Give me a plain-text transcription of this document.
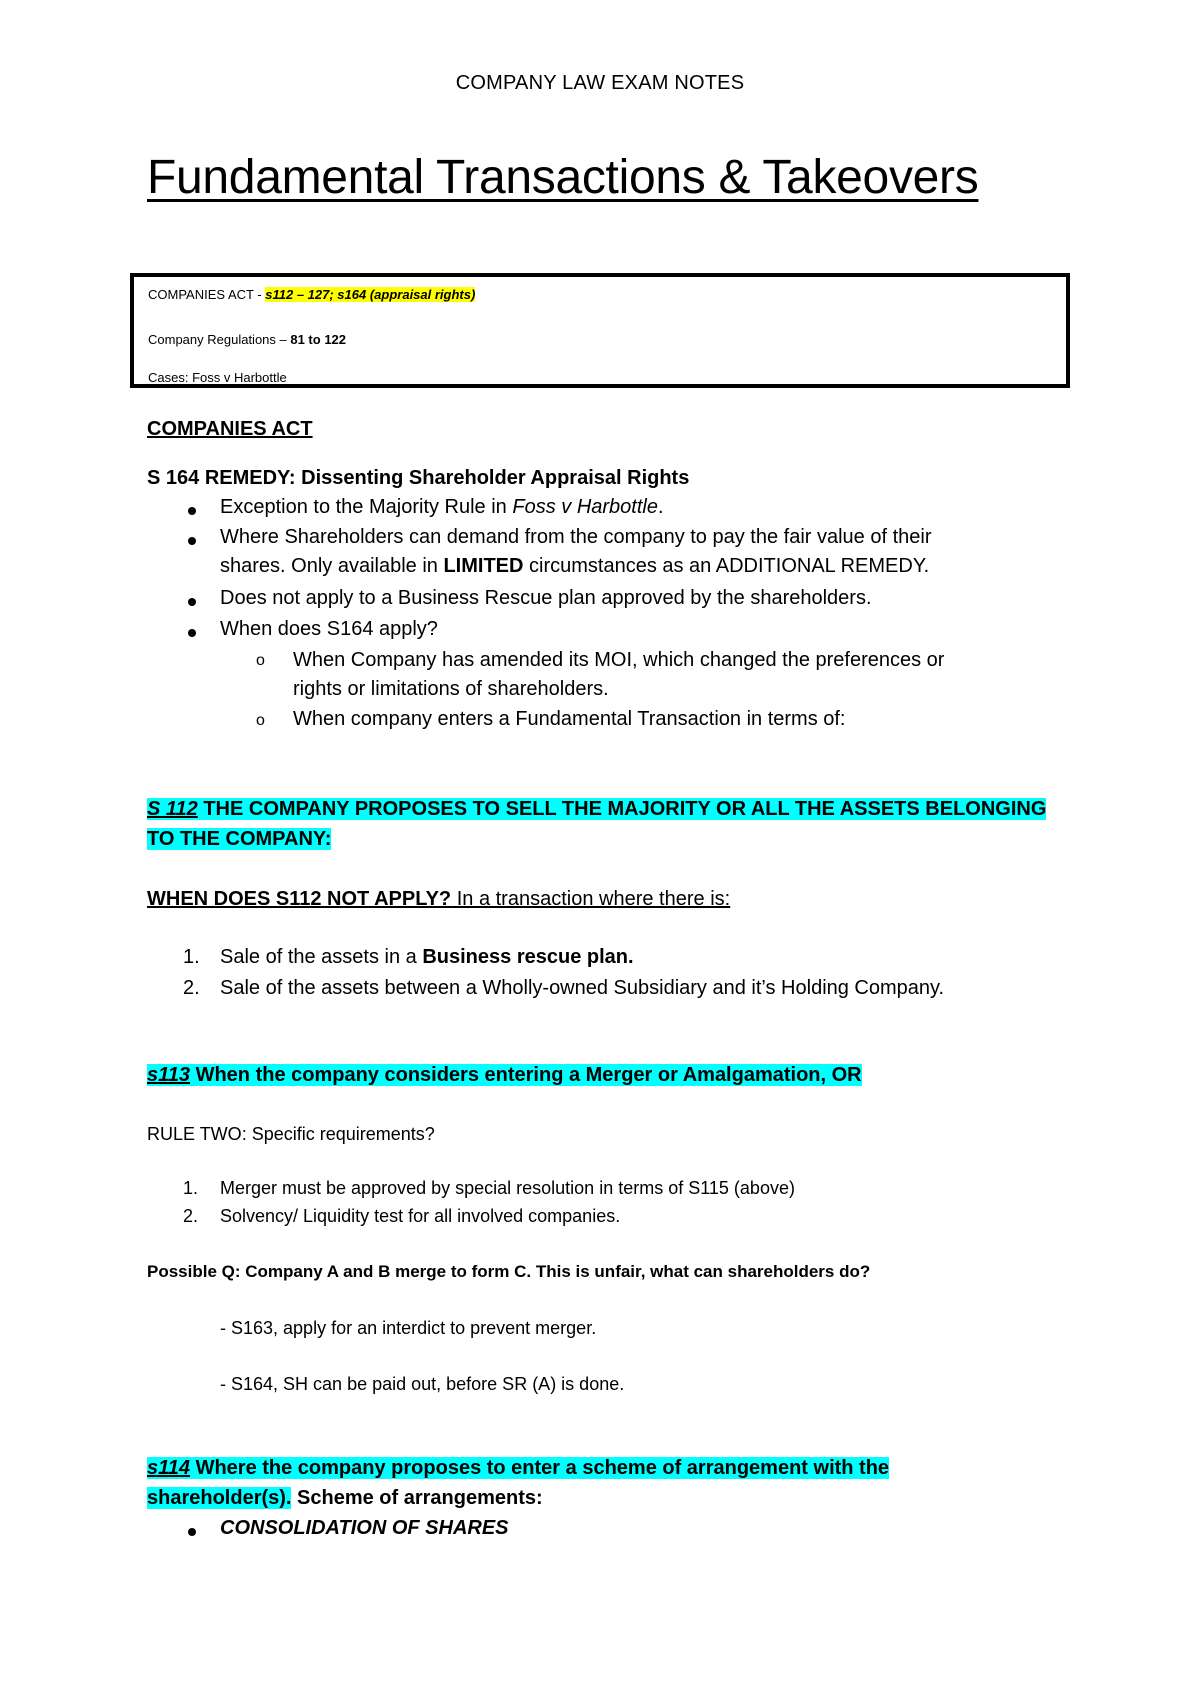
COMPANY LAW EXAM NOTES
Fundamental Transactions & Takeovers
COMPANIES ACT - s112 – 127; s164 (appraisal rights)
Company Regulations – 81 to 122
Cases: Foss v Harbottle
COMPANIES ACT
S 164 REMEDY: Dissenting Shareholder Appraisal Rights
Exception to the Majority Rule in Foss v Harbottle.
Where Shareholders can demand from the company to pay the fair value of their
shares. Only available in LIMITED circumstances as an ADDITIONAL REMEDY.
Does not apply to a Business Rescue plan approved by the shareholders.
When does S164 apply?
o When Company has amended its MOI, which changed the preferences or
rights or limitations of shareholders.
o When company enters a Fundamental Transaction in terms of:
S 112 THE COMPANY PROPOSES TO SELL THE MAJORITY OR ALL THE ASSETS BELONGING
TO THE COMPANY:
WHEN DOES S112 NOT APPLY? In a transaction where there is:
1. Sale of the assets in a Business rescue plan.
2. Sale of the assets between a Wholly-owned Subsidiary and it’s Holding Company.
s113 When the company considers entering a Merger or Amalgamation, OR
RULE TWO: Specific requirements?
1. Merger must be approved by special resolution in terms of S115 (above)
2. Solvency/ Liquidity test for all involved companies.
Possible Q: Company A and B merge to form C. This is unfair, what can shareholders do?
- S163, apply for an interdict to prevent merger.
- S164, SH can be paid out, before SR (A) is done.
s114 Where the company proposes to enter a scheme of arrangement with the
shareholder(s). Scheme of arrangements:
CONSOLIDATION OF SHARES
